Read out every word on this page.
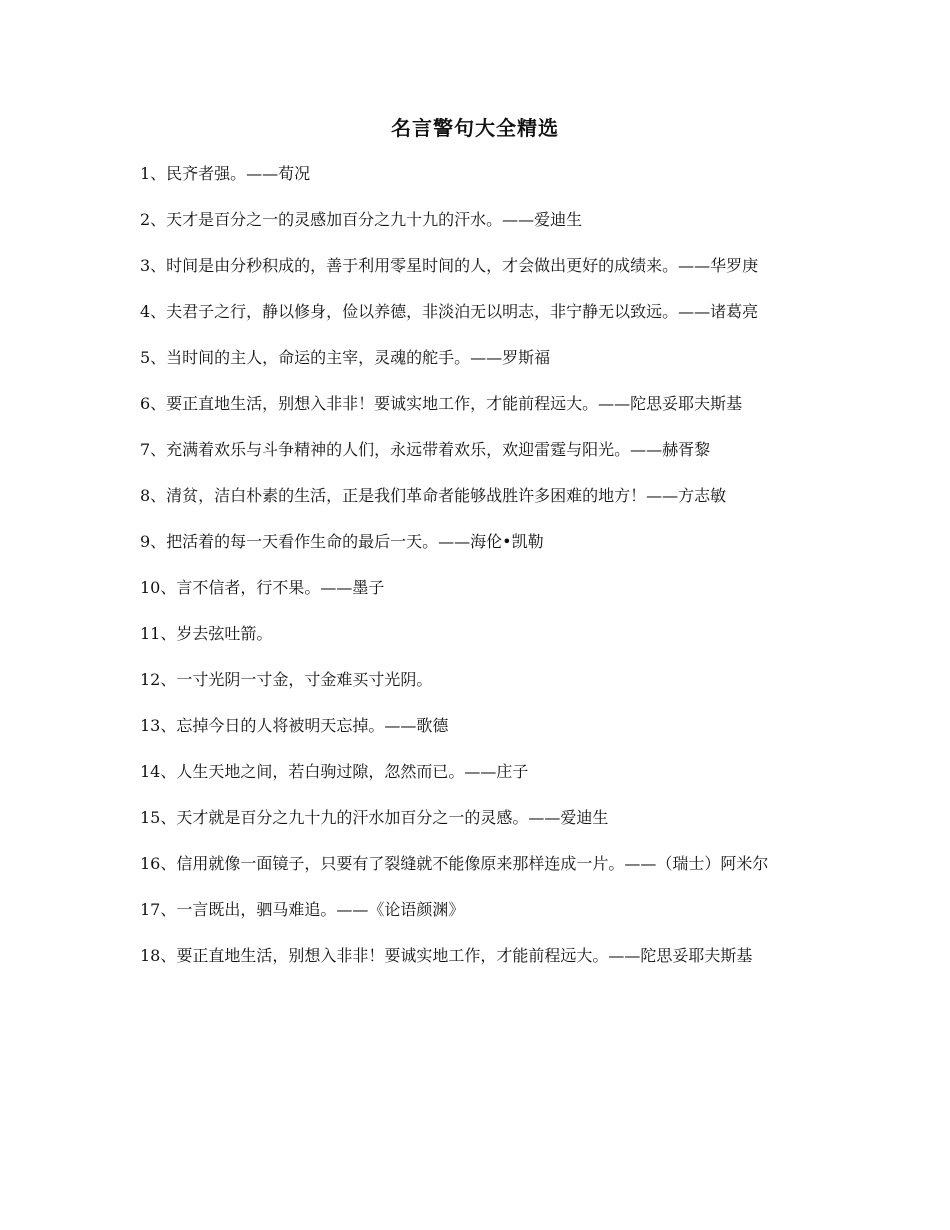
名言警句大全精选

1、民齐者强。——荀况

2、天才是百分之一的灵感加百分之九十九的汗水。——爱迪生

3、时间是由分秒积成的，善于利用零星时间的人，才会做出更好的成绩来。——华罗庚

4、夫君子之行，静以修身，俭以养德，非淡泊无以明志，非宁静无以致远。——诸葛亮

5、当时间的主人，命运的主宰，灵魂的舵手。——罗斯福

6、要正直地生活，别想入非非！要诚实地工作，才能前程远大。——陀思妥耶夫斯基

7、充满着欢乐与斗争精神的人们，永远带着欢乐，欢迎雷霆与阳光。——赫胥黎

8、清贫，洁白朴素的生活，正是我们革命者能够战胜许多困难的地方！——方志敏

9、把活着的每一天看作生命的最后一天。——海伦•凯勒

10、言不信者，行不果。——墨子

11、岁去弦吐箭。

12、一寸光阴一寸金，寸金难买寸光阴。

13、忘掉今日的人将被明天忘掉。——歌德

14、人生天地之间，若白驹过隙，忽然而已。——庄子

15、天才就是百分之九十九的汗水加百分之一的灵感。——爱迪生

16、信用就像一面镜子，只要有了裂缝就不能像原来那样连成一片。——（瑞士）阿米尔

17、一言既出，驷马难追。——《论语颜渊》

18、要正直地生活，别想入非非！要诚实地工作，才能前程远大。——陀思妥耶夫斯基
